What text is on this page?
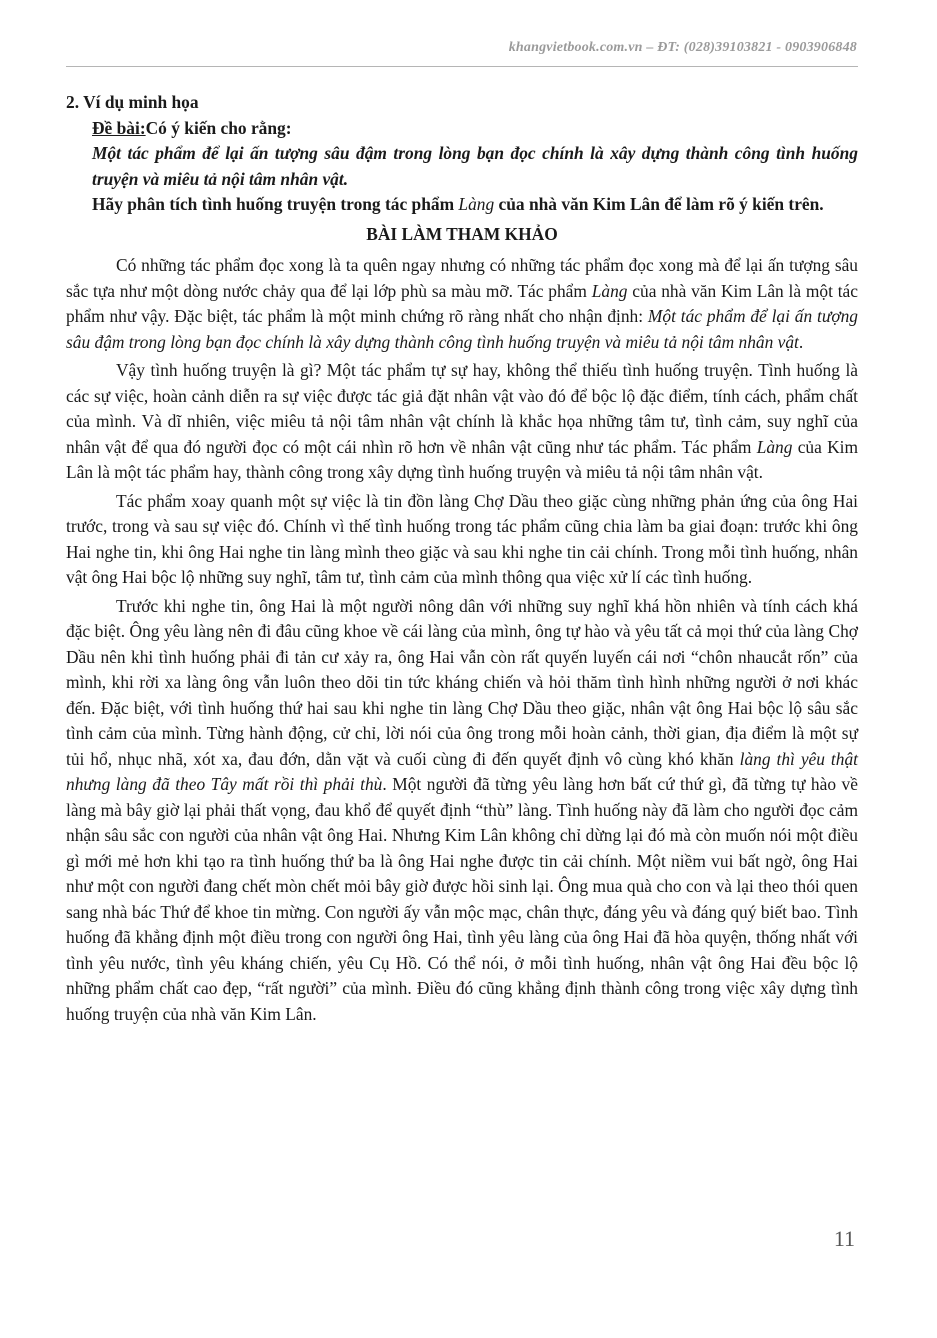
khangvietbook.com.vn – ĐT: (028)39103821 - 0903906848

2. Ví dụ minh họa

Đề bài:Có ý kiến cho rằng:

Một tác phẩm để lại ấn tượng sâu đậm trong lòng bạn đọc chính là xây dựng thành công tình huống truyện và miêu tả nội tâm nhân vật.

Hãy phân tích tình huống truyện trong tác phẩm Làng của nhà văn Kim Lân để làm rõ ý kiến trên.

BÀI LÀM THAM KHẢO

Có những tác phẩm đọc xong là ta quên ngay nhưng có những tác phẩm đọc xong mà để lại ấn tượng sâu sắc tựa như một dòng nước chảy qua để lại lớp phù sa màu mỡ. Tác phẩm Làng của nhà văn Kim Lân là một tác phẩm như vậy. Đặc biệt, tác phẩm là một minh chứng rõ ràng nhất cho nhận định: Một tác phẩm để lại ấn tượng sâu đậm trong lòng bạn đọc chính là xây dựng thành công tình huống truyện và miêu tả nội tâm nhân vật.

Vậy tình huống truyện là gì? Một tác phẩm tự sự hay, không thể thiếu tình huống truyện. Tình huống là các sự việc, hoàn cảnh diễn ra sự việc được tác giả đặt nhân vật vào đó để bộc lộ đặc điểm, tính cách, phẩm chất của mình. Và dĩ nhiên, việc miêu tả nội tâm nhân vật chính là khắc họa những tâm tư, tình cảm, suy nghĩ của nhân vật để qua đó người đọc có một cái nhìn rõ hơn về nhân vật cũng như tác phẩm. Tác phẩm Làng của Kim Lân là một tác phẩm hay, thành công trong xây dựng tình huống truyện và miêu tả nội tâm nhân vật.

Tác phẩm xoay quanh một sự việc là tin đồn làng Chợ Dầu theo giặc cùng những phản ứng của ông Hai trước, trong và sau sự việc đó. Chính vì thế tình huống trong tác phẩm cũng chia làm ba giai đoạn: trước khi ông Hai nghe tin, khi ông Hai nghe tin làng mình theo giặc và sau khi nghe tin cải chính. Trong mỗi tình huống, nhân vật ông Hai bộc lộ những suy nghĩ, tâm tư, tình cảm của mình thông qua việc xử lí các tình huống.

Trước khi nghe tin, ông Hai là một người nông dân với những suy nghĩ khá hồn nhiên và tính cách khá đặc biệt. Ông yêu làng nên đi đâu cũng khoe về cái làng của mình, ông tự hào và yêu tất cả mọi thứ của làng Chợ Dầu nên khi tình huống phải đi tản cư xảy ra, ông Hai vẫn còn rất quyến luyến cái nơi “chôn nhaucắt rốn” của mình, khi rời xa làng ông vẫn luôn theo dõi tin tức kháng chiến và hỏi thăm tình hình những người ở nơi khác đến. Đặc biệt, với tình huống thứ hai sau khi nghe tin làng Chợ Dầu theo giặc, nhân vật ông Hai bộc lộ sâu sắc tình cảm của mình. Từng hành động, cử chỉ, lời nói của ông trong mỗi hoàn cảnh, thời gian, địa điểm là một sự tủi hổ, nhục nhã, xót xa, đau đớn, dằn vặt và cuối cùng đi đến quyết định vô cùng khó khăn làng thì yêu thật nhưng làng đã theo Tây mất rồi thì phải thù. Một người đã từng yêu làng hơn bất cứ thứ gì, đã từng tự hào về làng mà bây giờ lại phải thất vọng, đau khổ để quyết định “thù” làng. Tình huống này đã làm cho người đọc cảm nhận sâu sắc con người của nhân vật ông Hai. Nhưng Kim Lân không chỉ dừng lại đó mà còn muốn nói một điều gì mới mẻ hơn khi tạo ra tình huống thứ ba là ông Hai nghe được tin cải chính. Một niềm vui bất ngờ, ông Hai như một con người đang chết mòn chết mỏi bây giờ được hồi sinh lại. Ông mua quà cho con và lại theo thói quen sang nhà bác Thứ để khoe tin mừng. Con người ấy vẫn mộc mạc, chân thực, đáng yêu và đáng quý biết bao. Tình huống đã khẳng định một điều trong con người ông Hai, tình yêu làng của ông Hai đã hòa quyện, thống nhất với tình yêu nước, tình yêu kháng chiến, yêu Cụ Hồ. Có thể nói, ở mỗi tình huống, nhân vật ông Hai đều bộc lộ những phẩm chất cao đẹp, “rất người” của mình. Điều đó cũng khẳng định thành công trong việc xây dựng tình huống truyện của nhà văn Kim Lân.

11
